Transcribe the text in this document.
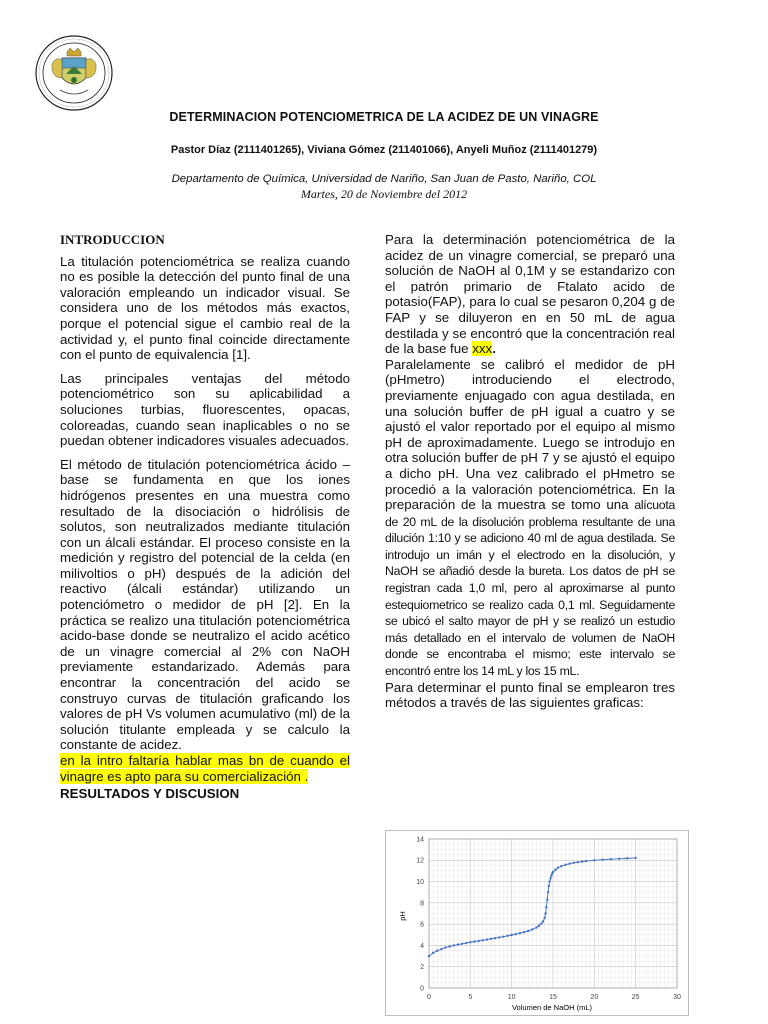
DETERMINACION POTENCIOMETRICA DE LA ACIDEZ DE UN VINAGRE
Pastor Díaz (2111401265), Viviana Gómez (211401066), Anyeli Muñoz (2111401279)
Departamento de Química, Universidad de Nariño, San Juan de Pasto, Nariño, COL
Martes, 20 de Noviembre del 2012
INTRODUCCION

La titulación potenciométrica se realiza cuando no es posible la detección del punto final de una valoración empleando un indicador visual. Se considera uno de los métodos más exactos, porque el potencial sigue el cambio real de la actividad y, el punto final coincide directamente con el punto de equivalencia [1].

Las principales ventajas del método potenciométrico son su aplicabilidad a soluciones turbias, fluorescentes, opacas, coloreadas, cuando sean inaplicables o no se puedan obtener indicadores visuales adecuados.

El método de titulación potenciométrica ácido – base se fundamenta en que los iones hidrógenos presentes en una muestra como resultado de la disociación o hidrólisis de solutos, son neutralizados mediante titulación con un álcali estándar. El proceso consiste en la medición y registro del potencial de la celda (en milivoltios o pH) después de la adición del reactivo (álcali estándar) utilizando un potenciómetro o medidor de pH [2]. En la práctica se realizo una titulación potenciométrica acido-base donde se neutralizo el acido acético de un vinagre comercial al 2% con NaOH previamente estandarizado. Además para encontrar la concentración del acido se construyo curvas de titulación graficando los valores de pH Vs volumen acumulativo (ml) de la solución titulante empleada y se calculo la constante de acidez.

en la intro faltaría hablar mas bn de cuando el vinagre es apto para su comercialización .

RESULTADOS Y DISCUSION

Para la determinación potenciométrica de la acidez de un vinagre comercial, se preparó una solución de NaOH al 0,1M y se estandarizo con el patrón primario de Ftalato acido de potasio(FAP), para lo cual se pesaron 0,204 g de FAP y se diluyeron en en 50 mL de agua destilada y se encontró que la concentración real de la base fue xxx.

Paralelamente se calibró el medidor de pH (pHmetro) introduciendo el electrodo, previamente enjuagado con agua destilada, en una solución buffer de pH igual a cuatro y se ajustó el valor reportado por el equipo al mismo pH de aproximadamente. Luego se introdujo en otra solución buffer de pH 7 y se ajustó el equipo a dicho pH. Una vez calibrado el pHmetro se procedió a la valoración potenciométrica. En la preparación de la muestra se tomo una alícuota de 20 mL de la disolución problema resultante de una dilución 1:10 y se adiciono 40 ml de agua destilada. Se introdujo un imán y el electrodo en la disolución, y NaOH se añadió desde la bureta. Los datos de pH se registran cada 1,0 ml, pero al aproximarse al punto estequiometrico se realizo cada 0,1 ml. Seguidamente se ubicó el salto mayor de pH y se realizó un estudio más detallado en el intervalo de volumen de NaOH donde se encontraba el mismo; este intervalo se encontró entre los 14 mL y los 15 mL.

Para determinar el punto final se emplearon tres métodos a través de las siguientes graficas:

0	5	10	15	20	25	30
0
2
4
6
8
10
12
14
Volumen de NaOH (mL)
pH
